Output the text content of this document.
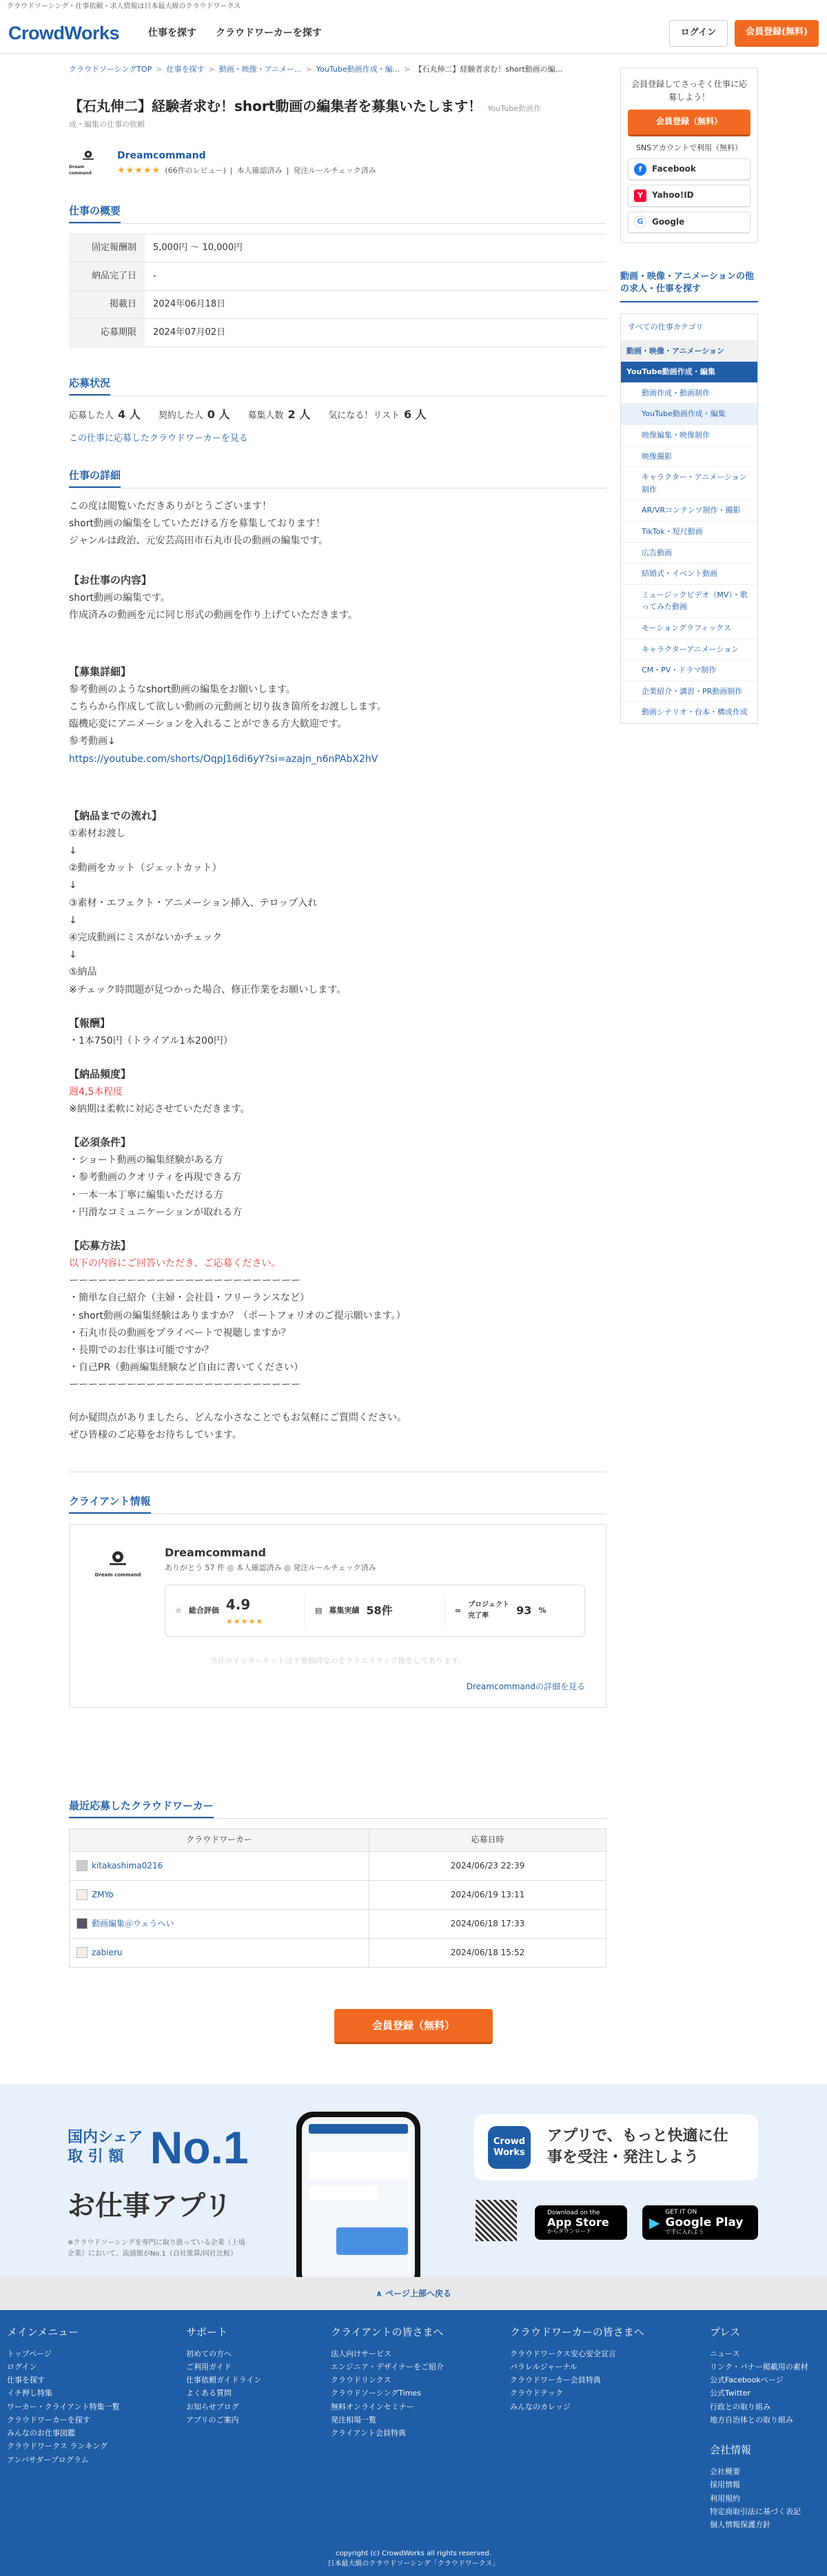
クラウドソーシング・仕事依頼・求人情報は日本最大級のクラウドワークス
CrowdWorks	仕事を探す	クラウドワーカーを探す	ログイン	会員登録(無料)
クラウドソーシングTOP > 仕事を探す > 動画・映像・アニメー... > YouTube動画作成・編... > 【石丸伸二】経験者求む！short動画の編...
【石丸伸二】経験者求む！short動画の編集者を募集いたします！ YouTube動画作
成・編集の仕事の依頼
Dream command
Dreamcommand
★★★★★ (66件のレビュー) | 本人確認済み | 発注ルールチェック済み
仕事の概要
固定報酬制	5,000円 〜 10,000円
納品完了日	-
掲載日	2024年06月18日
応募期限	2024年07月02日
応募状況
応募した人 4 人 契約した人 0 人 募集人数 2 人 気になる！リスト 6 人
この仕事に応募したクラウドワーカーを見る
仕事の詳細
この度は閲覧いただきありがとうございます！
short動画の編集をしていただける方を募集しております！
ジャンルは政治、元安芸高田市石丸市長の動画の編集です。
【お仕事の内容】
short動画の編集です。
作成済みの動画を元に同じ形式の動画を作り上げていただきます。
【募集詳細】
参考動画のようなshort動画の編集をお願いします。
こちらから作成して欲しい動画の元動画と切り抜き箇所をお渡しします。
臨機応変にアニメーションを入れることができる方大歓迎です。
参考動画↓
https://youtube.com/shorts/OqpJ16di6yY?si=azajn_n6nPAbX2hV
【納品までの流れ】
①素材お渡し
↓
②動画をカット（ジェットカット）
↓
③素材・エフェクト・アニメーション挿入、テロップ入れ
↓
④完成動画にミスがないかチェック
↓
⑤納品
※チェック時間題が見つかった場合、修正作業をお願いします。
【報酬】
・1本750円（トライアル1本200円）
【納品頻度】
週4,5本程度
※納期は柔軟に対応させていただきます。
【必須条件】
・ショート動画の編集経験がある方
・参考動画のクオリティを再現できる方
・一本一本丁寧に編集いただける方
・円滑なコミュニケーションが取れる方
【応募方法】
以下の内容にご回答いただき、ご応募ください。
ーーーーーーーーーーーーーーーーーーーーーーーー
・簡単な自己紹介（主婦・会社員・フリーランスなど）
・short動画の編集経験はありますか？（ポートフォリオのご提示願います。）
・石丸市長の動画をプライベートで視聴しますか？
・長期でのお仕事は可能ですか？
・自己PR（動画編集経験など自由に書いてください）
ーーーーーーーーーーーーーーーーーーーーーーーー
何か疑問点がありましたら、どんな小さなことでもお気軽にご質問ください。
ぜひ皆様のご応募をお待ちしています。
クライアント情報
Dream command
Dreamcommand
ありがとう 57 件 ◎ 本人確認済み ◎ 発注ルールチェック済み
☆ 総合評価 4.9
★★★★★
▤ 募集実績 58件	∞
プロジェクト完了率	93 %
当社のインターネットは子要価時なのをクリエイティブ推をしてあります。
Dreamcommandの詳細を見る
最近応募したクラウドワーカー
クラウドワーカー	応募日時
kitakashima0216	2024/06/23 22:39
ZMYo	2024/06/19 13:11
動画編集＠ウェうへい	2024/06/18 17:33
zabieru	2024/06/18 15:52
会員登録してさっそく仕事に応募しよう！
会員登録（無料）
SNSアカウントで利用（無料）
f	Facebook
Y	Yahoo!ID
G	Google
動画・映像・アニメーションの他の求人・仕事を探す
すべての仕事カテゴリ
動画・映像・アニメーション
YouTube動画作成・編集
動画作成・動画制作
YouTube動画作成・編集
映像編集・映像制作
映像撮影
キャラクター・アニメーション制作
AR/VRコンテンツ制作・撮影
TikTok・短尺動画
広告動画
結婚式・イベント動画
ミュージックビデオ（MV）・歌ってみた動画
モーショングラフィックス
キャラクターアニメーション
CM・PV・ドラマ制作
企業紹介・講習・PR動画制作
動画シナリオ・台本・構成作成
会員登録（無料）
国内シェア
取 引 額 No.1
お仕事アプリ
※クラウドソーシングを専門に取り扱っている企業（上場企業）において、流通額がNo.1（自社推算/同社比較）
Crowd Works
アプリで、もっと快適に仕事を受注・発注しよう
Download on the
App Store
からダウンロード
▶
GET IT ON
Google Play
で手に入れよう
∧ ページ上部へ戻る
メインメニュー
トップページ
ログイン
仕事を探す
イチ押し特集
ワーカー・クライアント特集一覧
クラウドワーカーを探す
みんなのお仕事図鑑
クラウドワークス ランキング
アンバサダープログラム
サポート
初めての方へ
ご利用ガイド
仕事依頼ガイドライン
よくある質問
お知らせブログ
アプリのご案内
クライアントの皆さまへ
法人向けサービス
エンジニア・デザイナーをご紹介
クラウドリンクス
クラウドソーシングTimes
無料オンラインセミナー
発注相場一覧
クライアント会員特典
クラウドワーカーの皆さまへ
クラウドワークス安心安全宣言
パラレルジャーナル
クラウドワーカー会員特典
クラウドテック
みんなのカレッジ
プレス
ニュース
リンク・バナー掲載用の素材
公式Facebookページ
公式Twitter
行政との取り組み
地方自治体との取り組み
会社情報
会社概要
採用情報
利用規約
特定商取引法に基づく表記
個人情報保護方針
copyright (c) CrowdWorks all rights reserved.
日本最大級のクラウドソーシング「クラウドワークス」
